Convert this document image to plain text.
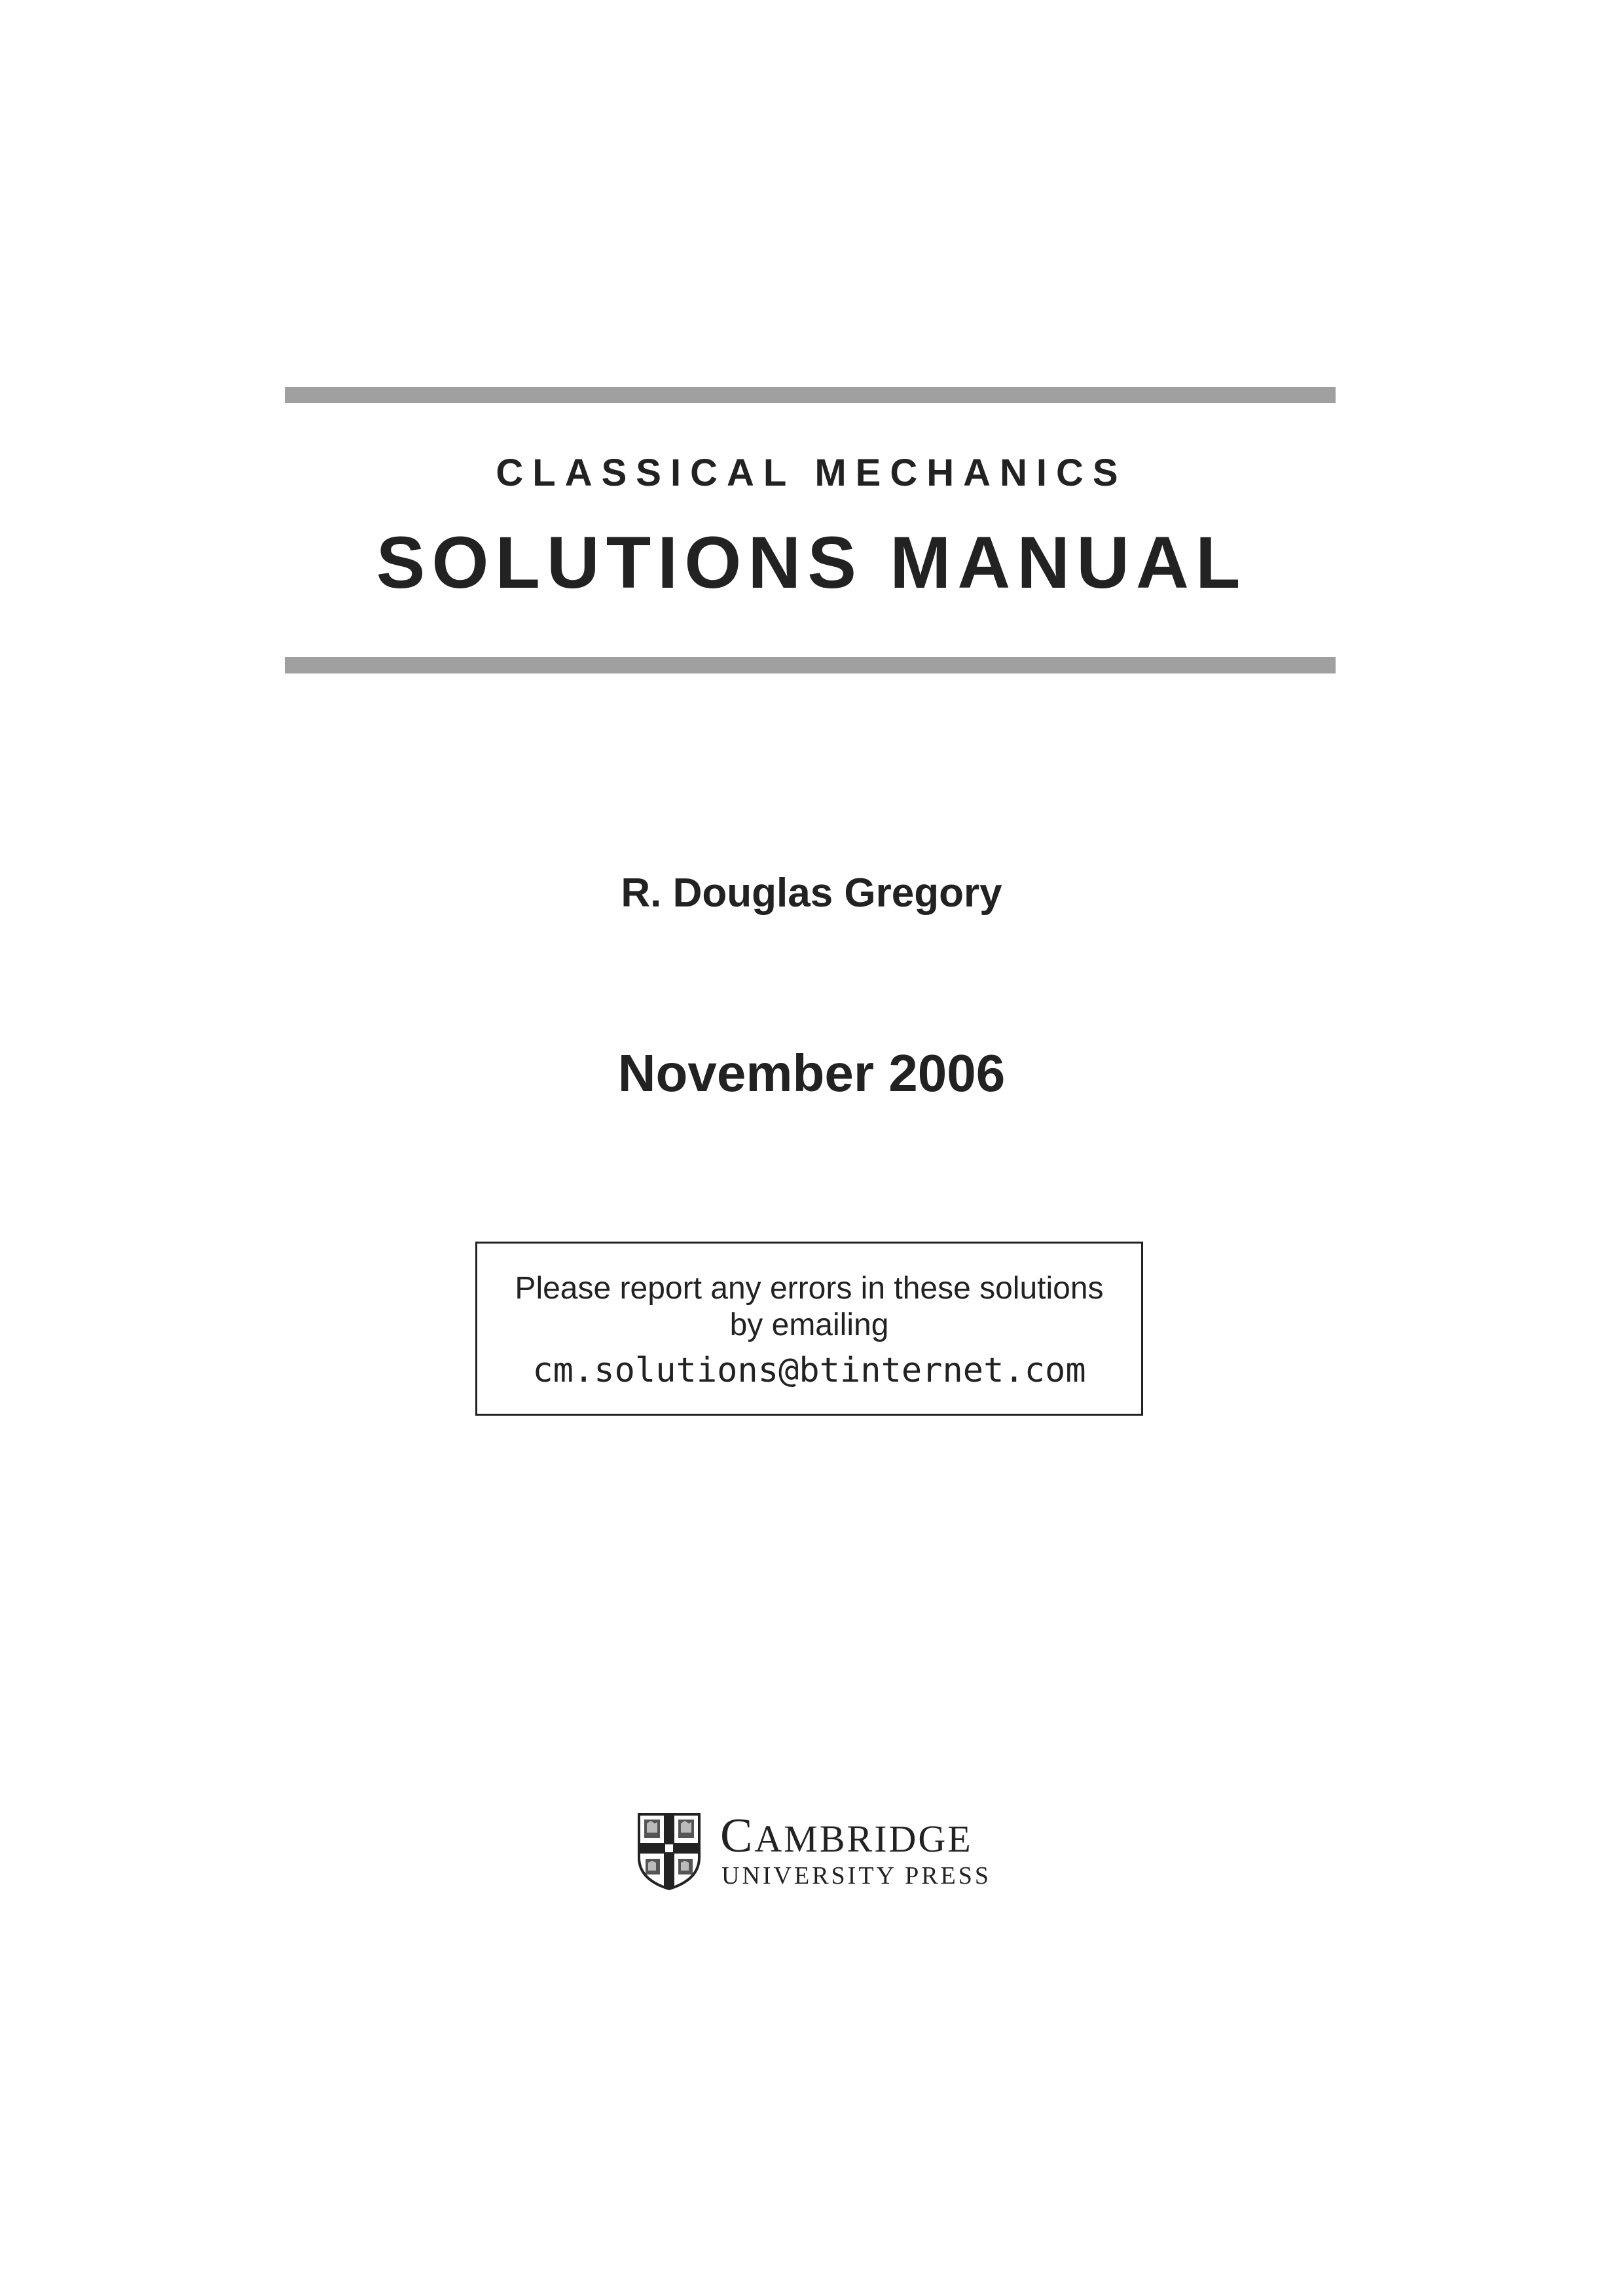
CLASSICAL MECHANICS
SOLUTIONS MANUAL
R. Douglas Gregory
November 2006
Please report any errors in these solutions
by emailing
cm.solutions@btinternet.com
CAMBRIDGE
UNIVERSITY PRESS
